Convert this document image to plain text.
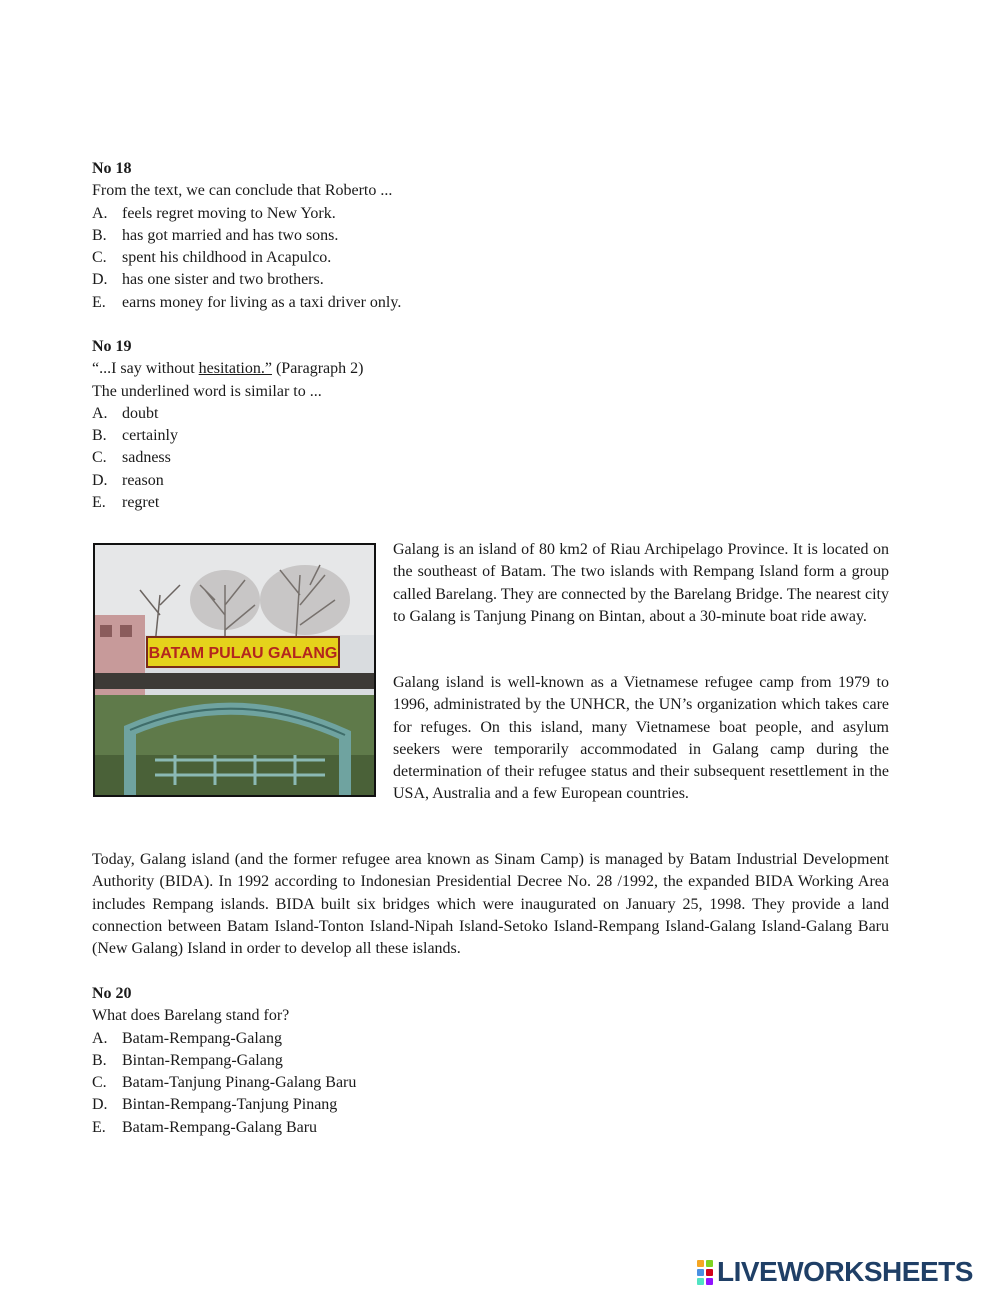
No 18
From the text, we can conclude that Roberto ...
A. feels regret moving to New York.
B. has got married and has two sons.
C. spent his childhood in Acapulco.
D. has one sister and two brothers.
E.	earns money for living as a taxi driver only.
No 19
“...I say without hesitation.” (Paragraph 2)
The underlined word is similar to ...
A. doubt
B. certainly
C. sadness
D. reason
E.	regret
BATAM PULAU GALANG

Galang is an island of 80 km2 of Riau Archipelago Province. It is located on the southeast of Batam. The two islands with Rempang Island form a group called Barelang. They are connected by the Barelang Bridge. The nearest city to Galang is Tanjung Pinang on Bintan, about a 30-minute boat ride away.

Galang island is well-known as a Vietnamese refugee camp from 1979 to 1996, administrated by the UNHCR, the UN’s organization which takes care for refuges. On this island, many Vietnamese boat people, and asylum seekers were temporarily accommodated in Galang camp during the determination of their refugee status and their subsequent resettlement in the USA, Australia and a few European countries.

Today, Galang island (and the former refugee area known as Sinam Camp) is managed by Batam Industrial Development Authority (BIDA). In 1992 according to Indonesian Presidential Decree No. 28 /1992, the expanded BIDA Working Area includes Rempang islands. BIDA built six bridges which were inaugurated on January 25, 1998. They provide a land connection between Batam Island-Tonton Island-Nipah Island-Setoko Island-Rempang Island-Galang Island-Galang Baru (New Galang) Island in order to develop all these islands.

No 20
What does Barelang stand for?
A. Batam-Rempang-Galang
B. Bintan-Rempang-Galang
C. Batam-Tanjung Pinang-Galang Baru
D. Bintan-Rempang-Tanjung Pinang
E.	Batam-Rempang-Galang Baru
LIVEWORKSHEETS
